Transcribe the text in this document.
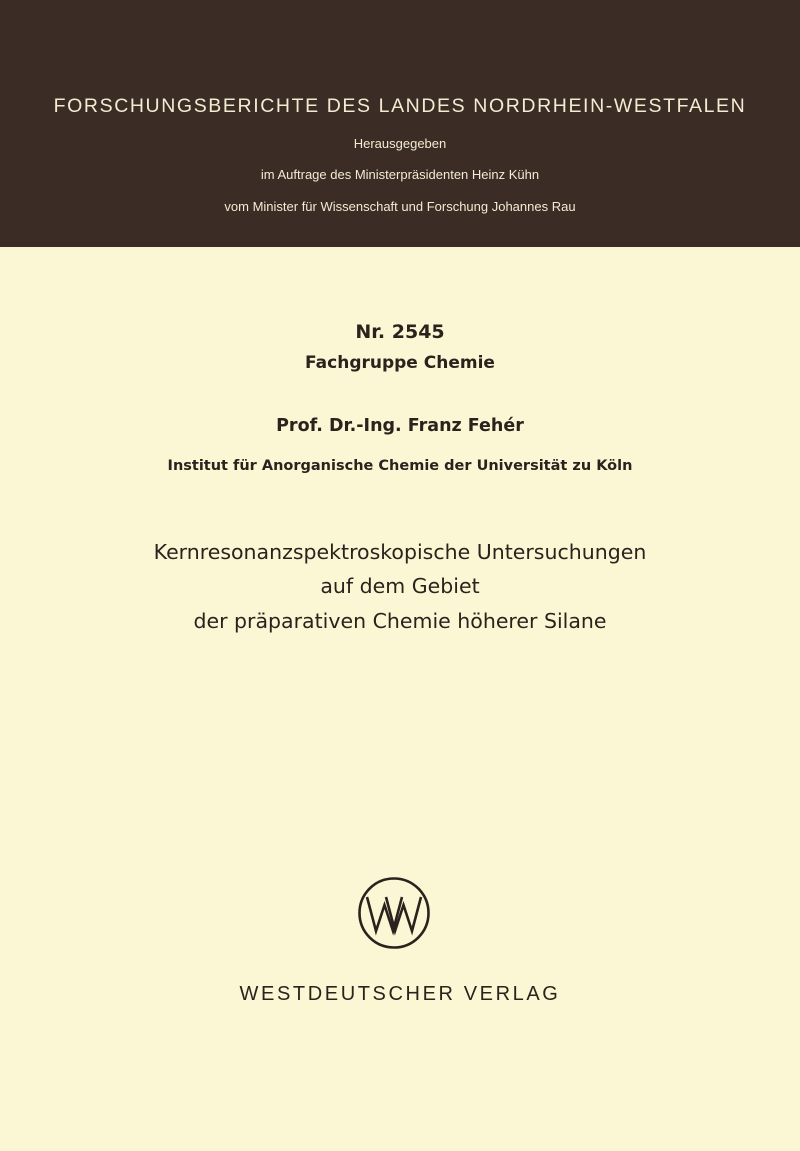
FORSCHUNGSBERICHTE DES LANDES NORDRHEIN-WESTFALEN
Herausgegeben
im Auftrage des Ministerpräsidenten Heinz Kühn
vom Minister für Wissenschaft und Forschung Johannes Rau
Nr. 2545
Fachgruppe Chemie
Prof. Dr.-Ing. Franz Fehér
Institut für Anorganische Chemie der Universität zu Köln
Kernresonanzspektroskopische Untersuchungen
auf dem Gebiet
der präparativen Chemie höherer Silane
WESTDEUTSCHER VERLAG
